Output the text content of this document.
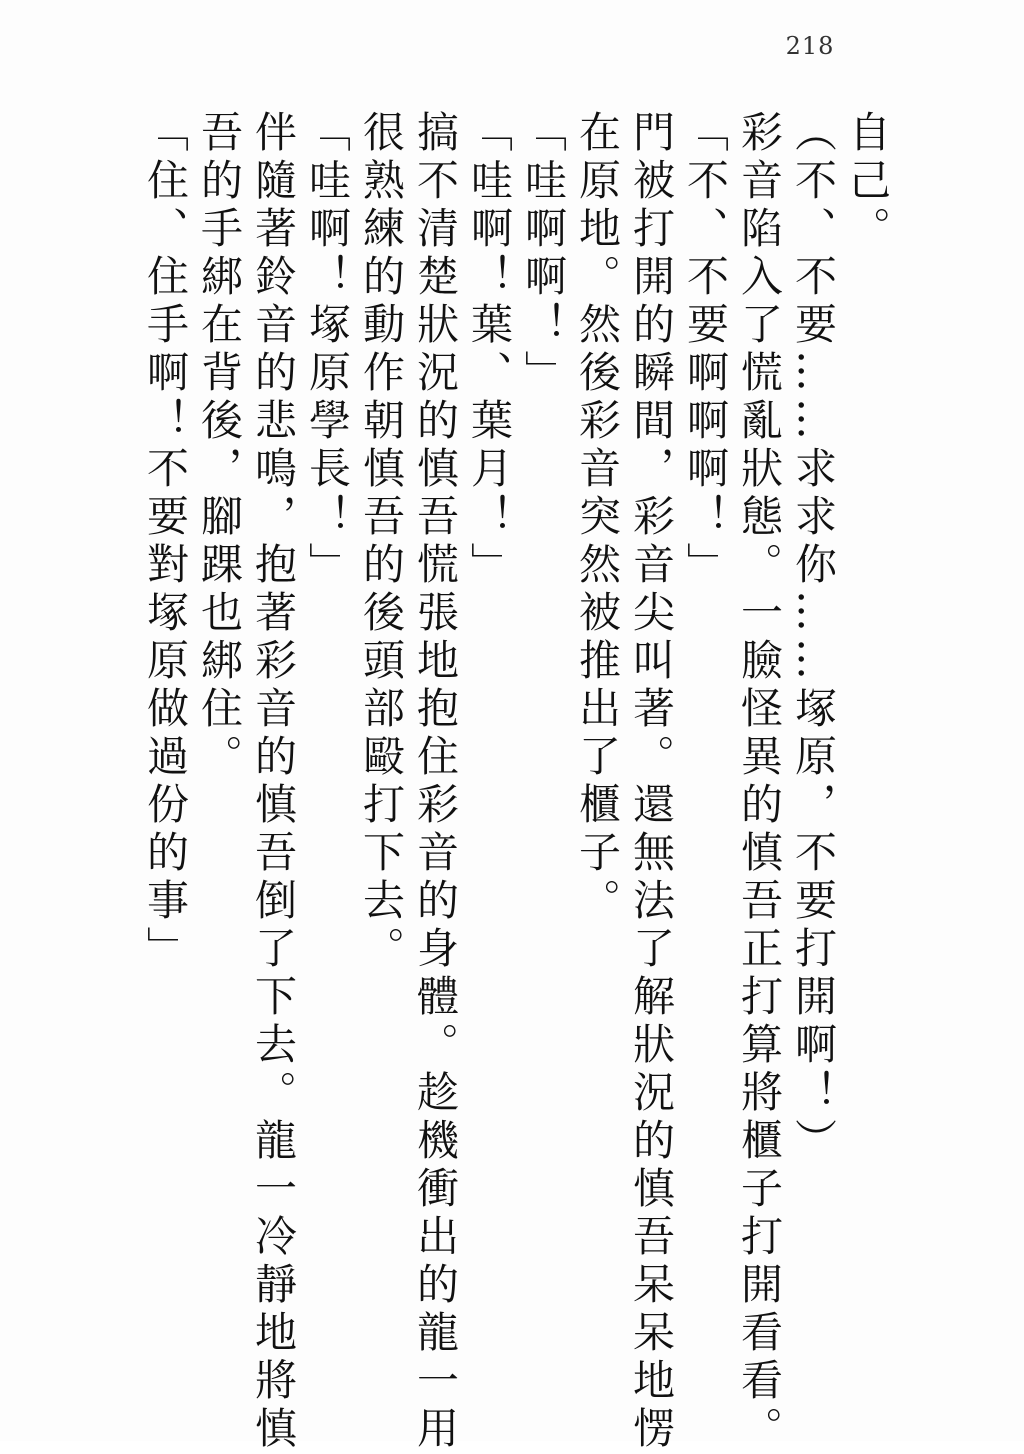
218
自己。
（不、不要……求求你……塚原，不要打開啊！）
彩音陷入了慌亂狀態。一臉怪異的慎吾正打算將櫃子打開看看。
「不、不要啊啊啊！」
門被打開的瞬間，彩音尖叫著。還無法了解狀況的慎吾呆呆地愣
在原地。然後彩音突然被推出了櫃子。
「哇啊啊！」
「哇啊！葉、葉月！」
搞不清楚狀況的慎吾慌張地抱住彩音的身體。趁機衝出的龍一用
很熟練的動作朝慎吾的後頭部毆打下去。
「哇啊！塚原學長！」
伴隨著鈴音的悲鳴，抱著彩音的慎吾倒了下去。龍一冷靜地將慎
吾的手綁在背後，腳踝也綁住。
「住、住手啊！不要對塚原做過份的事」
